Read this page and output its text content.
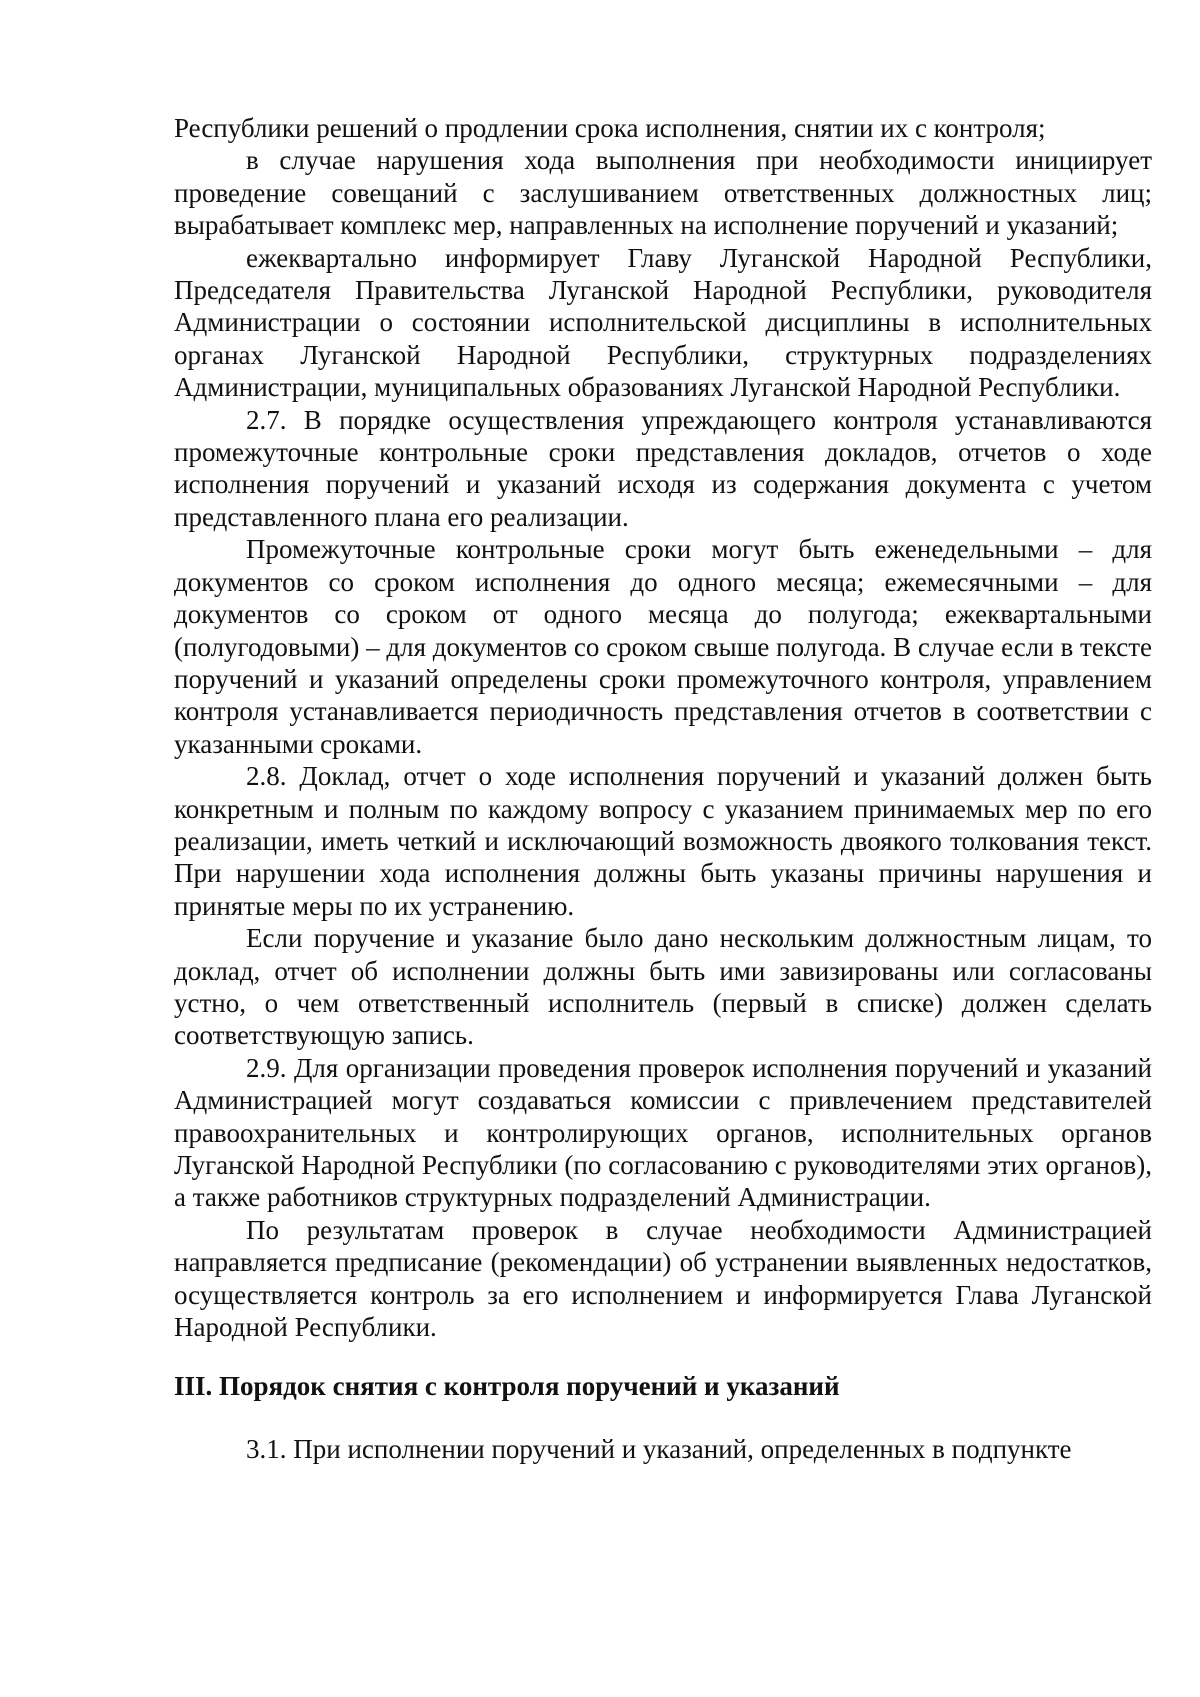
Республики решений о продлении срока исполнения, снятии их с контроля;

в случае нарушения хода выполнения при необходимости инициирует проведение совещаний с заслушиванием ответственных должностных лиц; вырабатывает комплекс мер, направленных на исполнение поручений и указаний;

ежеквартально информирует Главу Луганской Народной Республики, Председателя Правительства Луганской Народной Республики, руководителя Администрации о состоянии исполнительской дисциплины в исполнительных органах Луганской Народной Республики, структурных подразделениях Администрации, муниципальных образованиях Луганской Народной Республики.

2.7. В порядке осуществления упреждающего контроля устанавливаются промежуточные контрольные сроки представления докладов, отчетов о ходе исполнения поручений и указаний исходя из содержания документа с учетом представленного плана его реализации.

Промежуточные контрольные сроки могут быть еженедельными – для документов со сроком исполнения до одного месяца; ежемесячными – для документов со сроком от одного месяца до полугода; ежеквартальными (полугодовыми) – для документов со сроком свыше полугода. В случае если в тексте поручений и указаний определены сроки промежуточного контроля, управлением контроля устанавливается периодичность представления отчетов в соответствии с указанными сроками.

2.8. Доклад, отчет о ходе исполнения поручений и указаний должен быть конкретным и полным по каждому вопросу с указанием принимаемых мер по его реализации, иметь четкий и исключающий возможность двоякого толкования текст. При нарушении хода исполнения должны быть указаны причины нарушения и принятые меры по их устранению.

Если поручение и указание было дано нескольким должностным лицам, то доклад, отчет об исполнении должны быть ими завизированы или согласованы устно, о чем ответственный исполнитель (первый в списке) должен сделать соответствующую запись.

2.9. Для организации проведения проверок исполнения поручений и указаний Администрацией могут создаваться комиссии с привлечением представителей правоохранительных и контролирующих органов, исполнительных органов Луганской Народной Республики (по согласованию с руководителями этих органов), а также работников структурных подразделений Администрации.

По результатам проверок в случае необходимости Администрацией направляется предписание (рекомендации) об устранении выявленных недостатков, осуществляется контроль за его исполнением и информируется Глава Луганской Народной Республики.

III. Порядок снятия с контроля поручений и указаний

3.1. При исполнении поручений и указаний, определенных в подпункте
